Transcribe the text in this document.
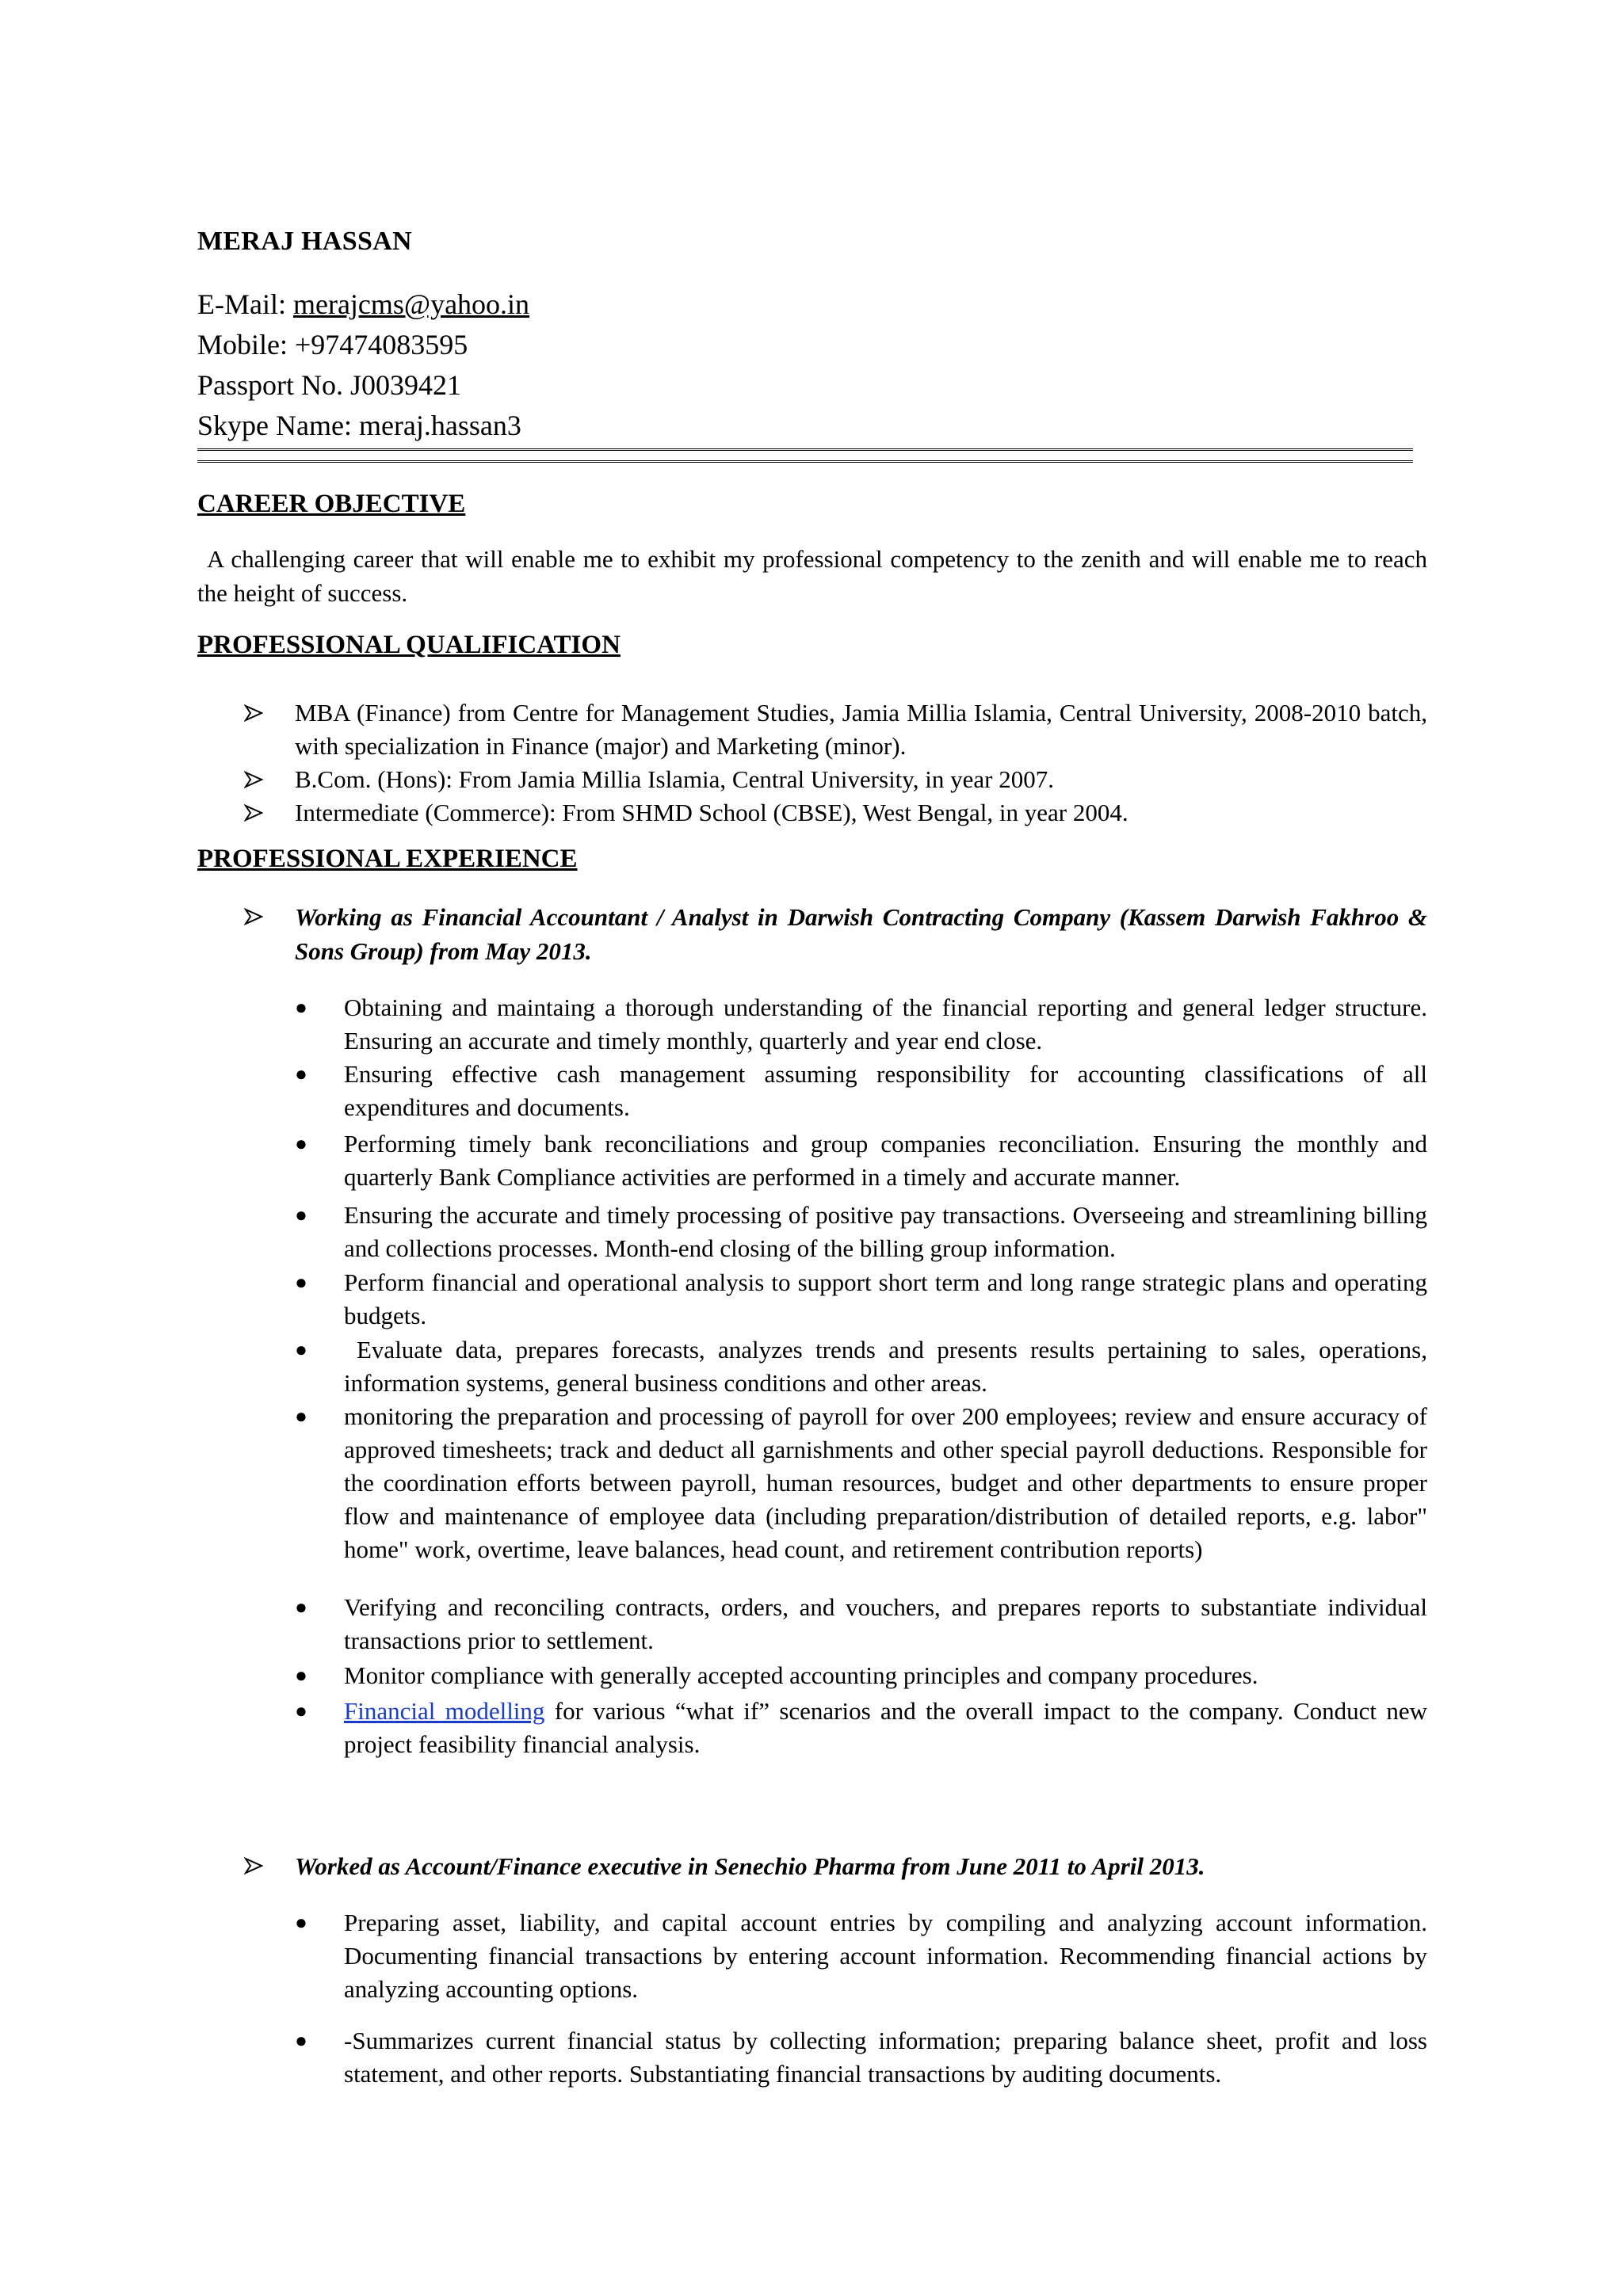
MERAJ HASSAN
E-Mail: merajcms@yahoo.in
Mobile: +97474083595
Passport No. J0039421
Skype Name: meraj.hassan3
CAREER OBJECTIVE
A challenging career that will enable me to exhibit my professional competency to the zenith and will enable me to reach the height of success.
PROFESSIONAL QUALIFICATION
MBA (Finance) from Centre for Management Studies, Jamia Millia Islamia, Central University, 2008-2010 batch, with specialization in Finance (major) and Marketing (minor).
B.Com. (Hons): From Jamia Millia Islamia, Central University, in year 2007.
Intermediate (Commerce): From SHMD School (CBSE), West Bengal, in year 2004.
PROFESSIONAL EXPERIENCE
Working as Financial Accountant / Analyst in Darwish Contracting Company (Kassem Darwish Fakhroo & Sons Group) from May 2013.
● Obtaining and maintaing a thorough understanding of the financial reporting and general ledger structure. Ensuring an accurate and timely monthly, quarterly and year end close.
● Ensuring effective cash management assuming responsibility for accounting classifications of all expenditures and documents.
● Performing timely bank reconciliations and group companies reconciliation. Ensuring the monthly and quarterly Bank Compliance activities are performed in a timely and accurate manner.
● Ensuring the accurate and timely processing of positive pay transactions. Overseeing and streamlining billing and collections processes. Month-end closing of the billing group information.
● Perform financial and operational analysis to support short term and long range strategic plans and operating budgets.
●	Evaluate data, prepares forecasts, analyzes trends and presents results pertaining to sales, operations, information systems, general business conditions and other areas.
● monitoring the preparation and processing of payroll for over 200 employees; review and ensure accuracy of approved timesheets; track and deduct all garnishments and other special payroll deductions. Responsible for the coordination efforts between payroll, human resources, budget and other departments to ensure proper flow and maintenance of employee data (including preparation/distribution of detailed reports, e.g. labor" home" work, overtime, leave balances, head count, and retirement contribution reports)
● Verifying and reconciling contracts, orders, and vouchers, and prepares reports to substantiate individual transactions prior to settlement.
● Monitor compliance with generally accepted accounting principles and company procedures.
● Financial modelling for various “what if” scenarios and the overall impact to the company. Conduct new project feasibility financial analysis.
Worked as Account/Finance executive in Senechio Pharma from June 2011 to April 2013.
● Preparing asset, liability, and capital account entries by compiling and analyzing account information. Documenting financial transactions by entering account information. Recommending financial actions by analyzing accounting options.
● -Summarizes current financial status by collecting information; preparing balance sheet, profit and loss statement, and other reports. Substantiating financial transactions by auditing documents.
